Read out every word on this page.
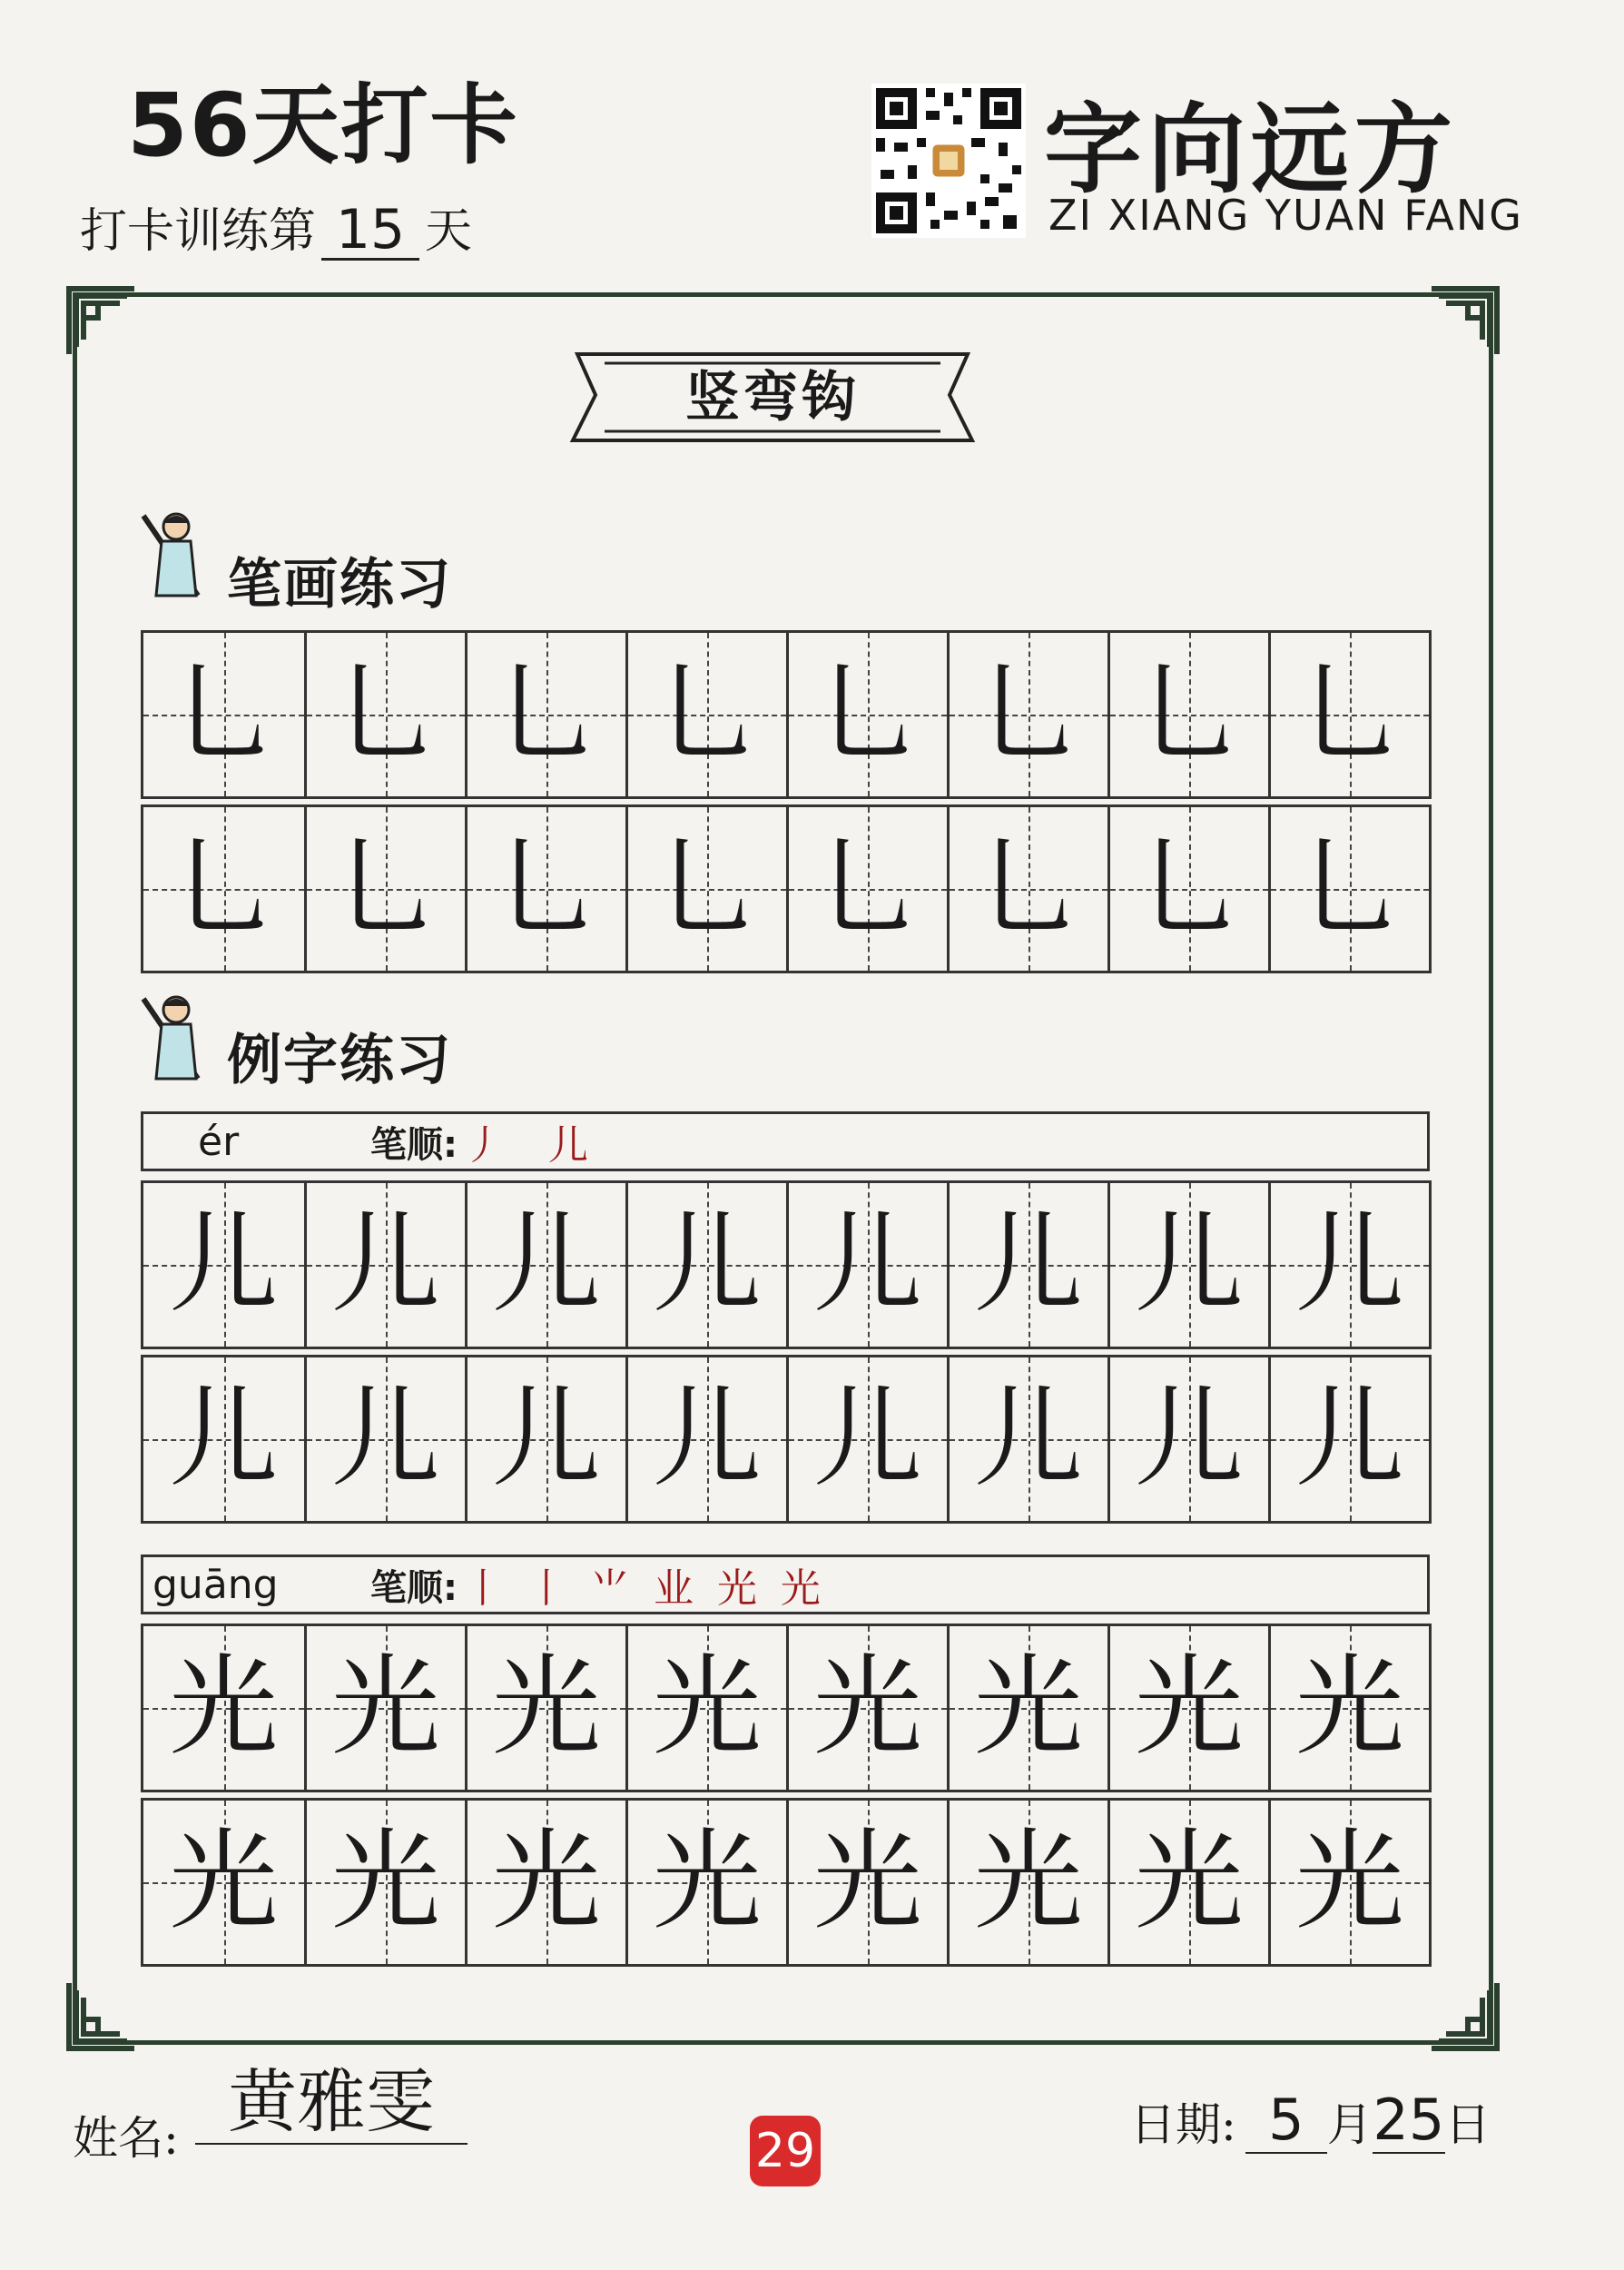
56天打卡
打卡训练第 15 天
字向远方
ZI XIANG YUAN FANG
竖弯钩
笔画练习
乚 乚 乚 乚 乚 乚 乚 乚
乚 乚 乚 乚 乚 乚 乚 乚
例字练习
ér	笔顺: 丿 儿
儿 儿 儿 儿 儿 儿 儿 儿
儿 儿 儿 儿 儿 儿 儿 儿
guāng	笔顺: 丨 丨 ⺌ 业 光 光
光 光 光 光 光 光 光 光
光 光 光 光 光 光 光 光
姓名: 黄雅雯
29	日期: 5 月 25 日
